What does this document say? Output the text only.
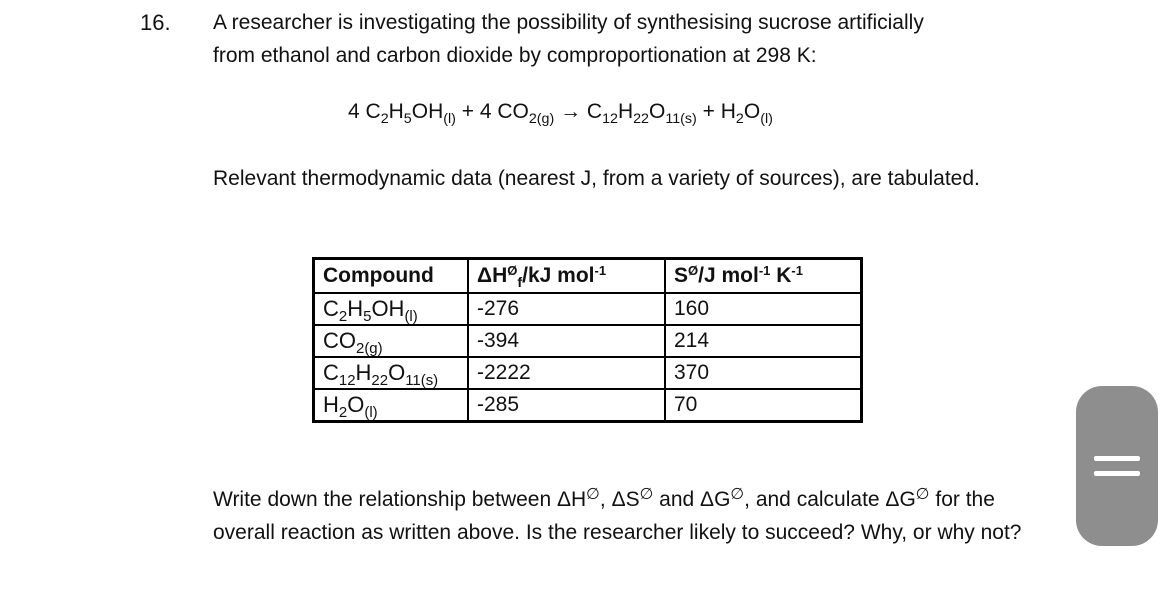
16. A researcher is investigating the possibility of synthesising sucrose artificially
from ethanol and carbon dioxide by comproportionation at 298 K:
4 $C_2H_5OH_{(l)} + 4$ $CO_{2(g)} \to C_{12}H_{22}O_{11(s)} + H_2O_{(l)}$
Relevant thermodynamic data (nearest J, from a variety of sources), are tabulated.
Compound	$\Delta H^Ø_f/kJ$ mol$^{-1}$	$S^Ø/J$ mol$^{-1}$ $K^{-1}$
$C_2H_5OH_{(l)}$	-276	160
$CO_{2(g)}$	-394	214
$C_{12}H_{22}O_{11(s)}$	-2222	370
$H_2O_{(l)}$	-285	70
Write down the relationship between ΔH∅, ΔS∅ and ΔG∅, and calculate ΔG∅ for the overall reaction as written above. Is the researcher likely to succeed? Why, or why not?
